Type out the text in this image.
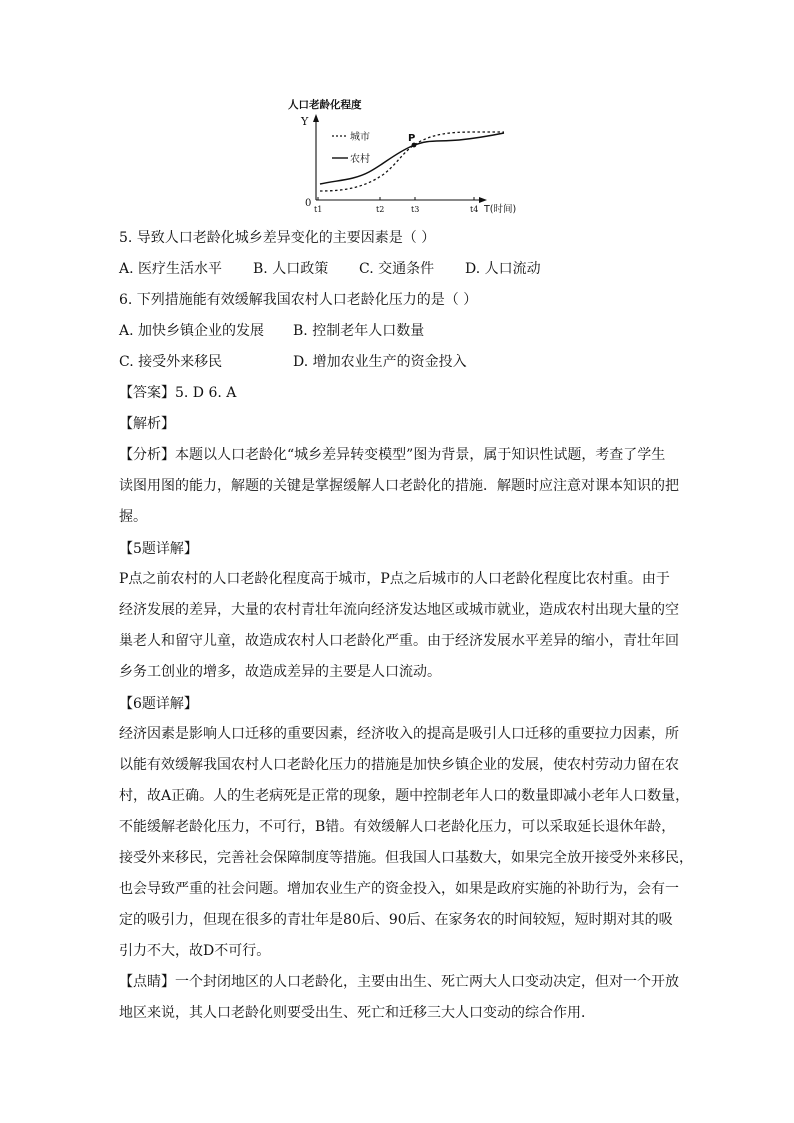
人口老龄化程度
Y
0
T(时间)
t1	t2	t3	t4
城市
农村
P
5. 导致人口老龄化城乡差异变化的主要因素是（ ）
A. 医疗生活水平 B. 人口政策 C. 交通条件 D. 人口流动
6. 下列措施能有效缓解我国农村人口老龄化压力的是（ ）
A. 加快乡镇企业的发展 B. 控制老年人口数量
C. 接受外来移民	D. 增加农业生产的资金投入
【答案】5. D 6. A
【解析】
【分析】本题以人口老龄化“城乡差异转变模型”图为背景，属于知识性试题，考查了学生
读图用图的能力，解题的关键是掌握缓解人口老龄化的措施．解题时应注意对课本知识的把
握。
【5题详解】
P点之前农村的人口老龄化程度高于城市，P点之后城市的人口老龄化程度比农村重。由于
经济发展的差异，大量的农村青壮年流向经济发达地区或城市就业，造成农村出现大量的空
巢老人和留守儿童，故造成农村人口老龄化严重。由于经济发展水平差异的缩小，青壮年回
乡务工创业的增多，故造成差异的主要是人口流动。
【6题详解】
经济因素是影响人口迁移的重要因素，经济收入的提高是吸引人口迁移的重要拉力因素，所
以能有效缓解我国农村人口老龄化压力的措施是加快乡镇企业的发展，使农村劳动力留在农
村，故A正确。人的生老病死是正常的现象，题中控制老年人口的数量即减小老年人口数量，
不能缓解老龄化压力，不可行，B错。有效缓解人口老龄化压力，可以采取延长退休年龄，
接受外来移民，完善社会保障制度等措施。但我国人口基数大，如果完全放开接受外来移民，
也会导致严重的社会问题。增加农业生产的资金投入，如果是政府实施的补助行为，会有一
定的吸引力，但现在很多的青壮年是80后、90后、在家务农的时间较短，短时期对其的吸
引力不大，故D不可行。
【点睛】一个封闭地区的人口老龄化，主要由出生、死亡两大人口变动决定，但对一个开放
地区来说，其人口老龄化则要受出生、死亡和迁移三大人口变动的综合作用．
